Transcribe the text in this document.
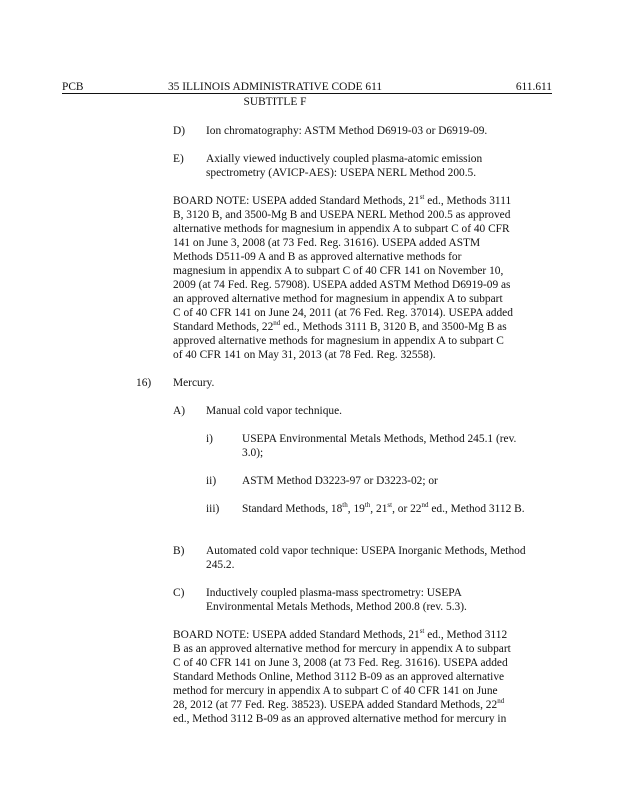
PCB	35 ILLINOIS ADMINISTRATIVE CODE 611	611.611
SUBTITLE F
D) Ion chromatography: ASTM Method D6919-03 or D6919-09.

E) Axially viewed inductively coupled plasma-atomic emission spectrometry (AVICP-AES): USEPA NERL Method 200.5.

BOARD NOTE: USEPA added Standard Methods, 21st ed., Methods 3111 B, 3120 B, and 3500-Mg B and USEPA NERL Method 200.5 as approved alternative methods for magnesium in appendix A to subpart C of 40 CFR 141 on June 3, 2008 (at 73 Fed. Reg. 31616). USEPA added ASTM Methods D511-09 A and B as approved alternative methods for magnesium in appendix A to subpart C of 40 CFR 141 on November 10, 2009 (at 74 Fed. Reg. 57908). USEPA added ASTM Method D6919-09 as an approved alternative method for magnesium in appendix A to subpart C of 40 CFR 141 on June 24, 2011 (at 76 Fed. Reg. 37014). USEPA added Standard Methods, 22nd ed., Methods 3111 B, 3120 B, and 3500-Mg B as approved alternative methods for magnesium in appendix A to subpart C of 40 CFR 141 on May 31, 2013 (at 78 Fed. Reg. 32558).

16) Mercury.

A) Manual cold vapor technique.

i)	USEPA Environmental Metals Methods, Method 245.1 (rev. 3.0);

ii) ASTM Method D3223-97 or D3223-02; or

iii) Standard Methods, 18th, 19th, 21st, or 22nd ed., Method 3112 B.

B) Automated cold vapor technique: USEPA Inorganic Methods, Method 245.2.

C) Inductively coupled plasma-mass spectrometry: USEPA Environmental Metals Methods, Method 200.8 (rev. 5.3).

BOARD NOTE: USEPA added Standard Methods, 21st ed., Method 3112 B as an approved alternative method for mercury in appendix A to subpart C of 40 CFR 141 on June 3, 2008 (at 73 Fed. Reg. 31616). USEPA added Standard Methods Online, Method 3112 B-09 as an approved alternative method for mercury in appendix A to subpart C of 40 CFR 141 on June 28, 2012 (at 77 Fed. Reg. 38523). USEPA added Standard Methods, 22nd ed., Method 3112 B-09 as an approved alternative method for mercury in
